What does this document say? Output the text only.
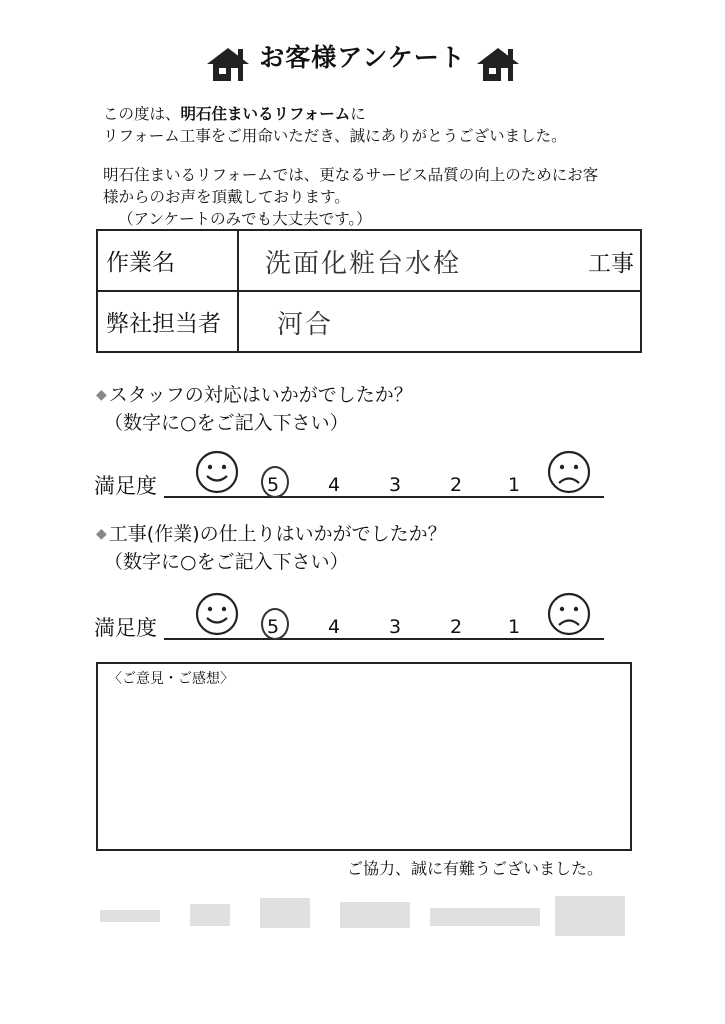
お客様アンケート
この度は、明石住まいるリフォームに
リフォーム工事をご用命いただき、誠にありがとうございました。
明石住まいるリフォームでは、更なるサービス品質の向上のためにお客
様からのお声を頂戴しております。
（アンケートのみでも大丈夫です。）
作業名	洗面化粧台水栓 工事

弊社担当者	河合
◆ スタッフの対応はいかがでしたか？
（数字に○をご記入下さい）
満足度	5	4	3	2	1
◆ 工事(作業)の仕上りはいかがでしたか？
（数字に○をご記入下さい）
満足度	5	4	3	2	1
〈ご意見・ご感想〉
ご協力、誠に有難うございました。
